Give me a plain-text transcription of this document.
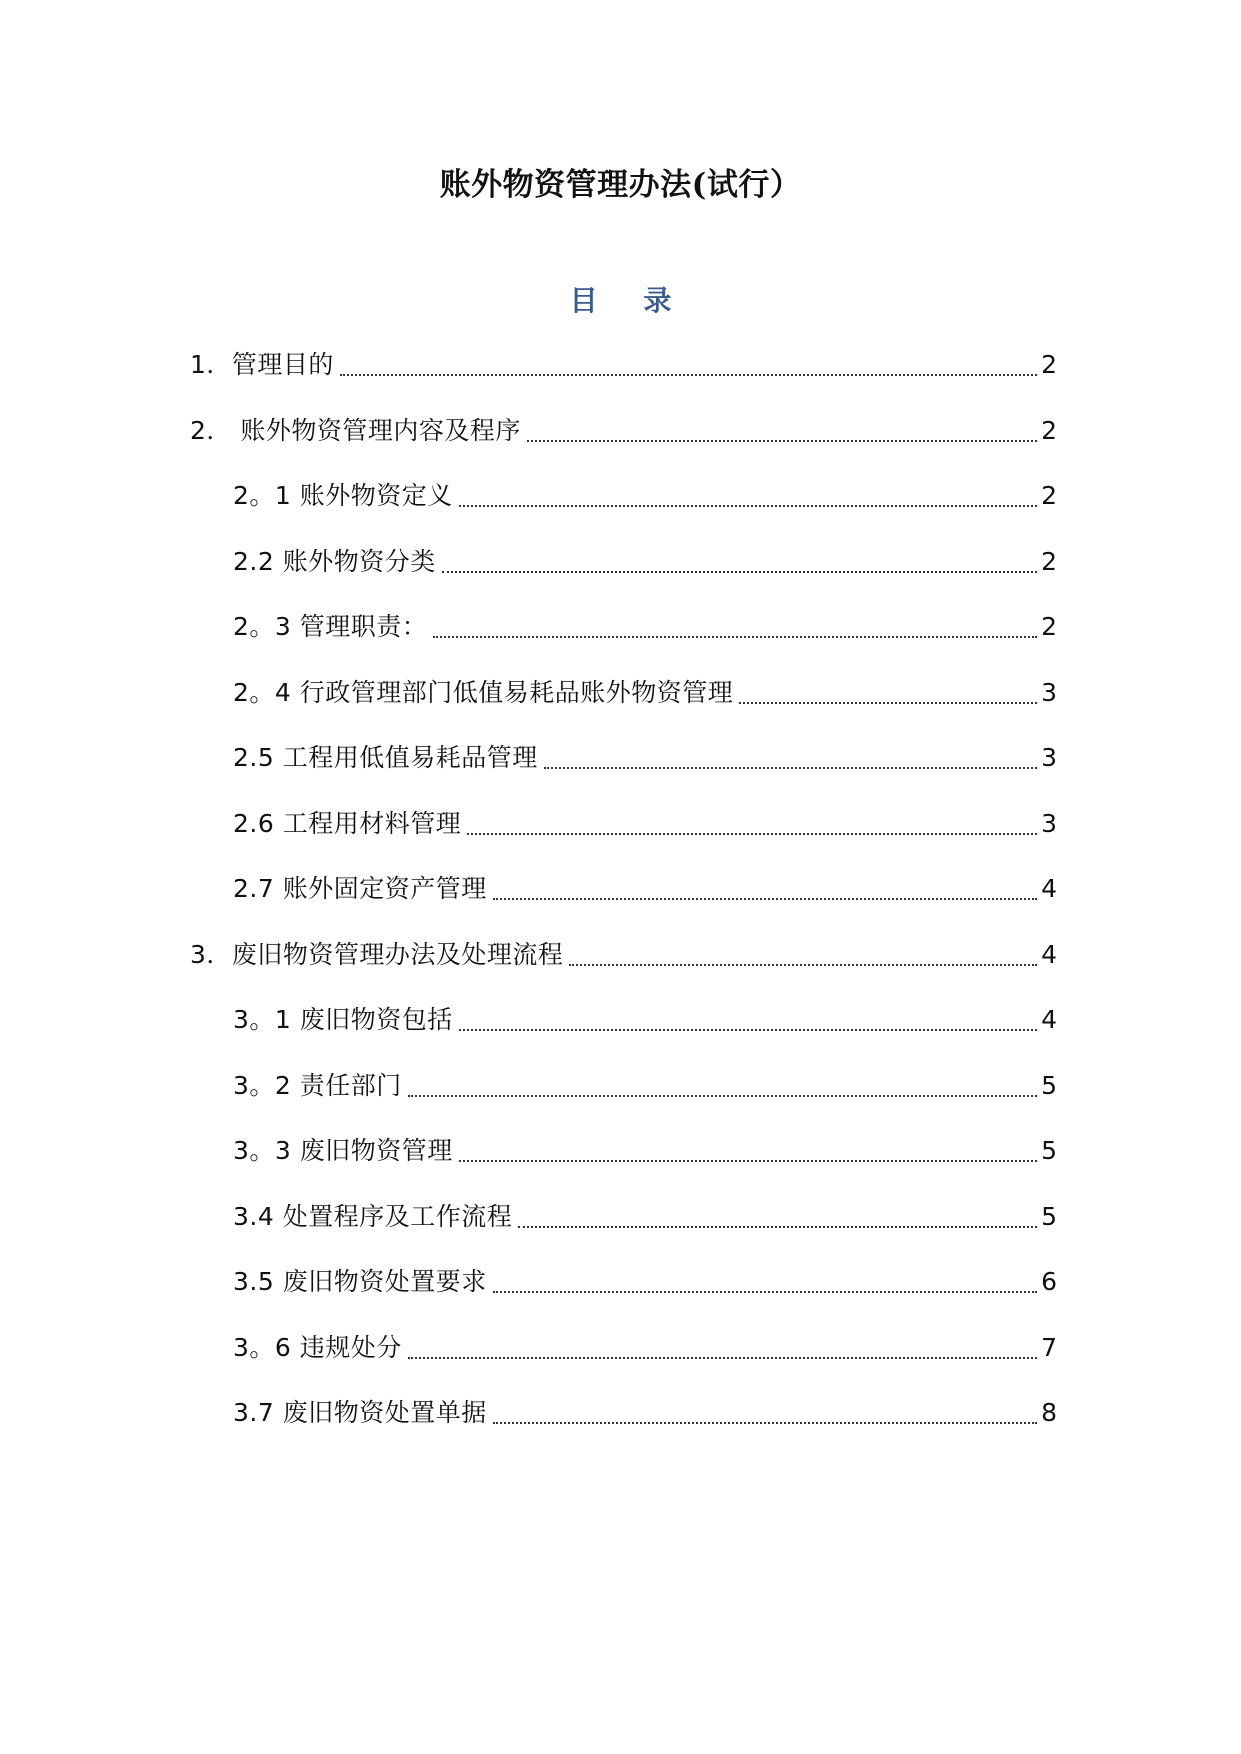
账外物资管理办法(试行）
目 录
1．管理目的	2
2． 账外物资管理内容及程序	2
2。1 账外物资定义	2
2.2 账外物资分类	2
2。3 管理职责：	2
2。4 行政管理部门低值易耗品账外物资管理	3
2.5 工程用低值易耗品管理	3
2.6 工程用材料管理	3
2.7 账外固定资产管理	4
3．废旧物资管理办法及处理流程	4
3。1 废旧物资包括	4
3。2 责任部门	5
3。3 废旧物资管理	5
3.4 处置程序及工作流程	5
3.5 废旧物资处置要求	6
3。6 违规处分	7
3.7 废旧物资处置单据	8
